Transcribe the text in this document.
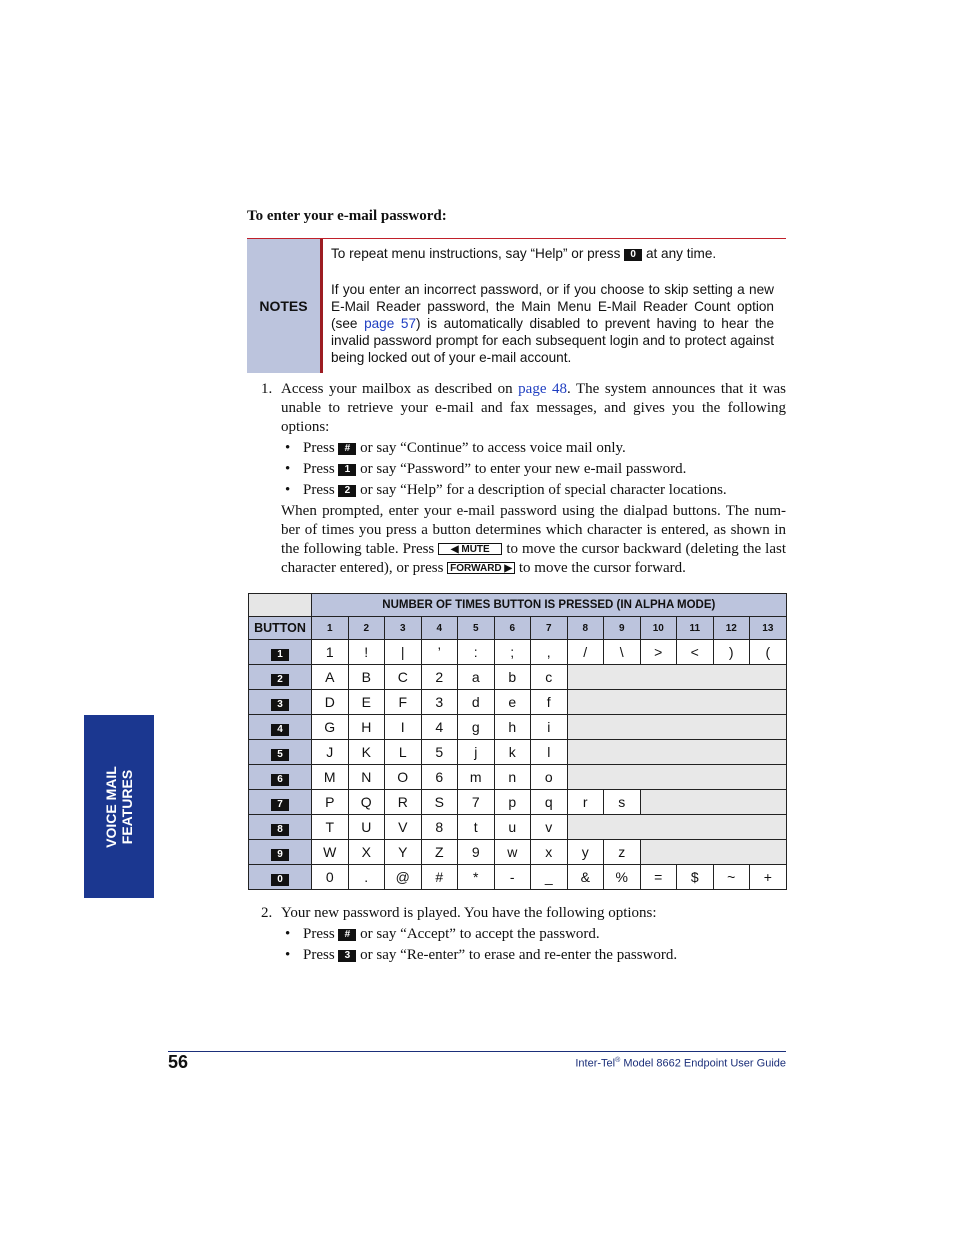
To enter your e-mail password:
NOTES

To repeat menu instructions, say “Help” or press 0 at any time.

If you enter an incorrect password, or if you choose to skip setting a new E-Mail Reader password, the Main Menu E-Mail Reader Count option (see page 57) is automatically disabled to prevent having to hear the invalid password prompt for each subsequent login and to protect against being locked out of your e-mail account.

1. Access your mailbox as described on page 48. The system announces that it was unable to retrieve your e-mail and fax messages, and gives you the following options:
• Press # or say “Continue” to access voice mail only.
• Press 1 or say “Password” to enter your new e-mail password.
• Press 2 or say “Help” for a description of special character locations.
When prompted, enter your e-mail password using the dialpad buttons. The num-ber of times you press a button determines which character is entered, as shown in the following table. Press ◀ MUTE to move the cursor backward (deleting the last character entered), or press FORWARD ▶ to move the cursor forward.
	NUMBER OF TIMES BUTTON IS PRESSED (IN ALPHA MODE)												
BUTTON	1	2	3	4	5	6	7	8	9	10	11	12	13
1	1	!	|	’	:	;	,	/	\	>	<	)	(
2	A	B	C	2	a	b	c						
3	D	E	F	3	d	e	f						
4	G	H	I	4	g	h	i						
5	J	K	L	5	j	k	l						
6	M	N	O	6	m	n	o						
7	P	Q	R	S	7	p	q	r	s				
8	T	U	V	8	t	u	v						
9	W	X	Y	Z	9	w	x	y	z				
0	0	.	@	#	*	-	_	&	%	=	$	~	+
2. Your new password is played. You have the following options:
• Press # or say “Accept” to accept the password.
• Press 3 or say “Re-enter” to erase and re-enter the password.
VOICE MAIL FEATURES
56	Inter-Tel® Model 8662 Endpoint User Guide
